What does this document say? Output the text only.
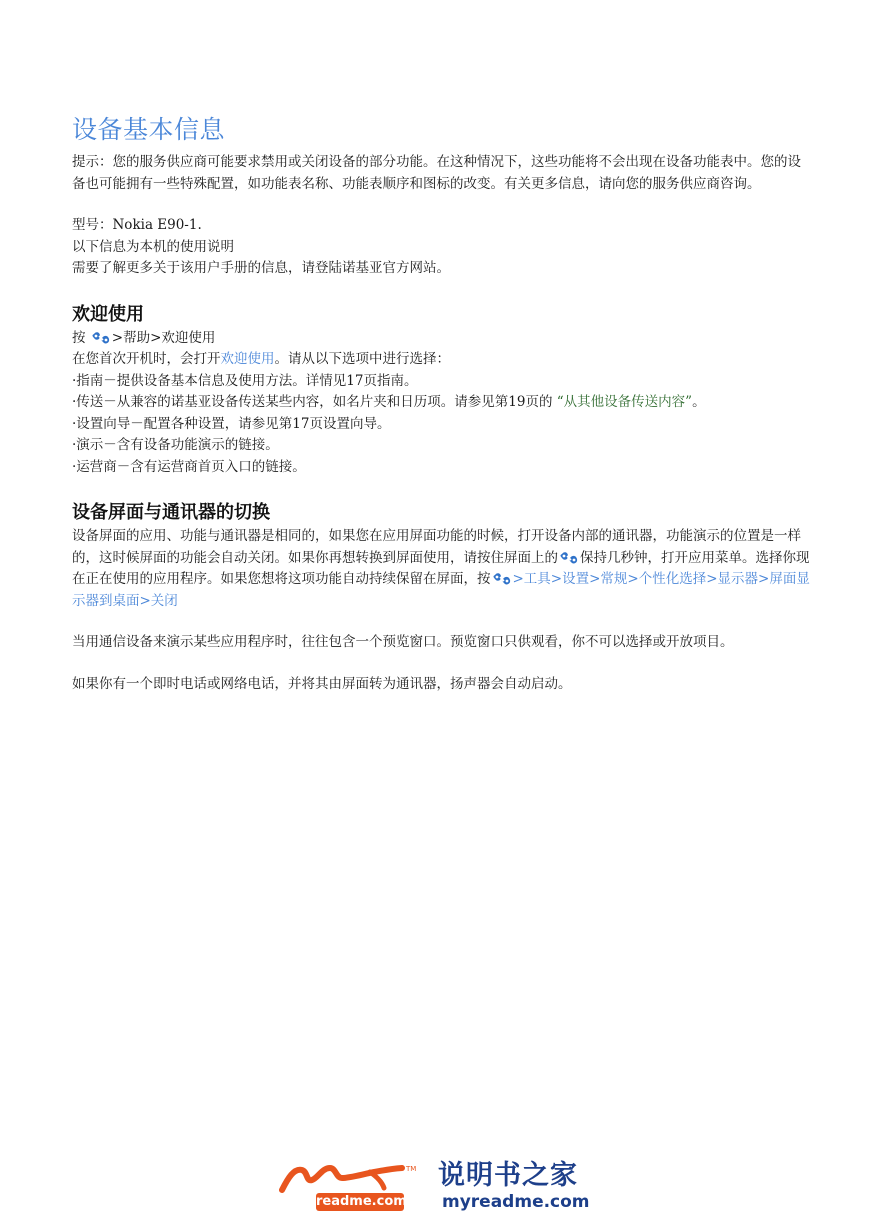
设备基本信息

提示：您的服务供应商可能要求禁用或关闭设备的部分功能。在这种情况下，这些功能将不会出现在设备功能表中。您的设备也可能拥有一些特殊配置，如功能表名称、功能表顺序和图标的改变。有关更多信息，请向您的服务供应商咨询。

型号：Nokia E90-1.

以下信息为本机的使用说明

需要了解更多关于该用户手册的信息，请登陆诺基亚官方网站。

欢迎使用

按 >帮助>欢迎使用

在您首次开机时，会打开欢迎使用。请从以下选项中进行选择：

·指南－提供设备基本信息及使用方法。详情见17页指南。
·传送－从兼容的诺基亚设备传送某些内容，如名片夹和日历项。请参见第19页的 “从其他设备传送内容”。
·设置向导－配置各种设置，请参见第17页设置向导。
·演示－含有设备功能演示的链接。
·运营商－含有运营商首页入口的链接。
设备屏面与通讯器的切换

设备屏面的应用、功能与通讯器是相同的，如果您在应用屏面功能的时候，打开设备内部的通讯器，功能演示的位置是一样的，这时候屏面的功能会自动关闭。如果你再想转换到屏面使用，请按住屏面上的 保持几秒钟，打开应用菜单。选择你现在正在使用的应用程序。如果您想将这项功能自动持续保留在屏面，按 >工具>设置>常规>个性化选择>显示器>屏面显示器到桌面>关闭

当用通信设备来演示某些应用程序时，往往包含一个预览窗口。预览窗口只供观看，你不可以选择或开放项目。

如果你有一个即时电话或网络电话，并将其由屏面转为通讯器，扬声器会自动启动。

TM
readme.com
说明书之家
myreadme.com
